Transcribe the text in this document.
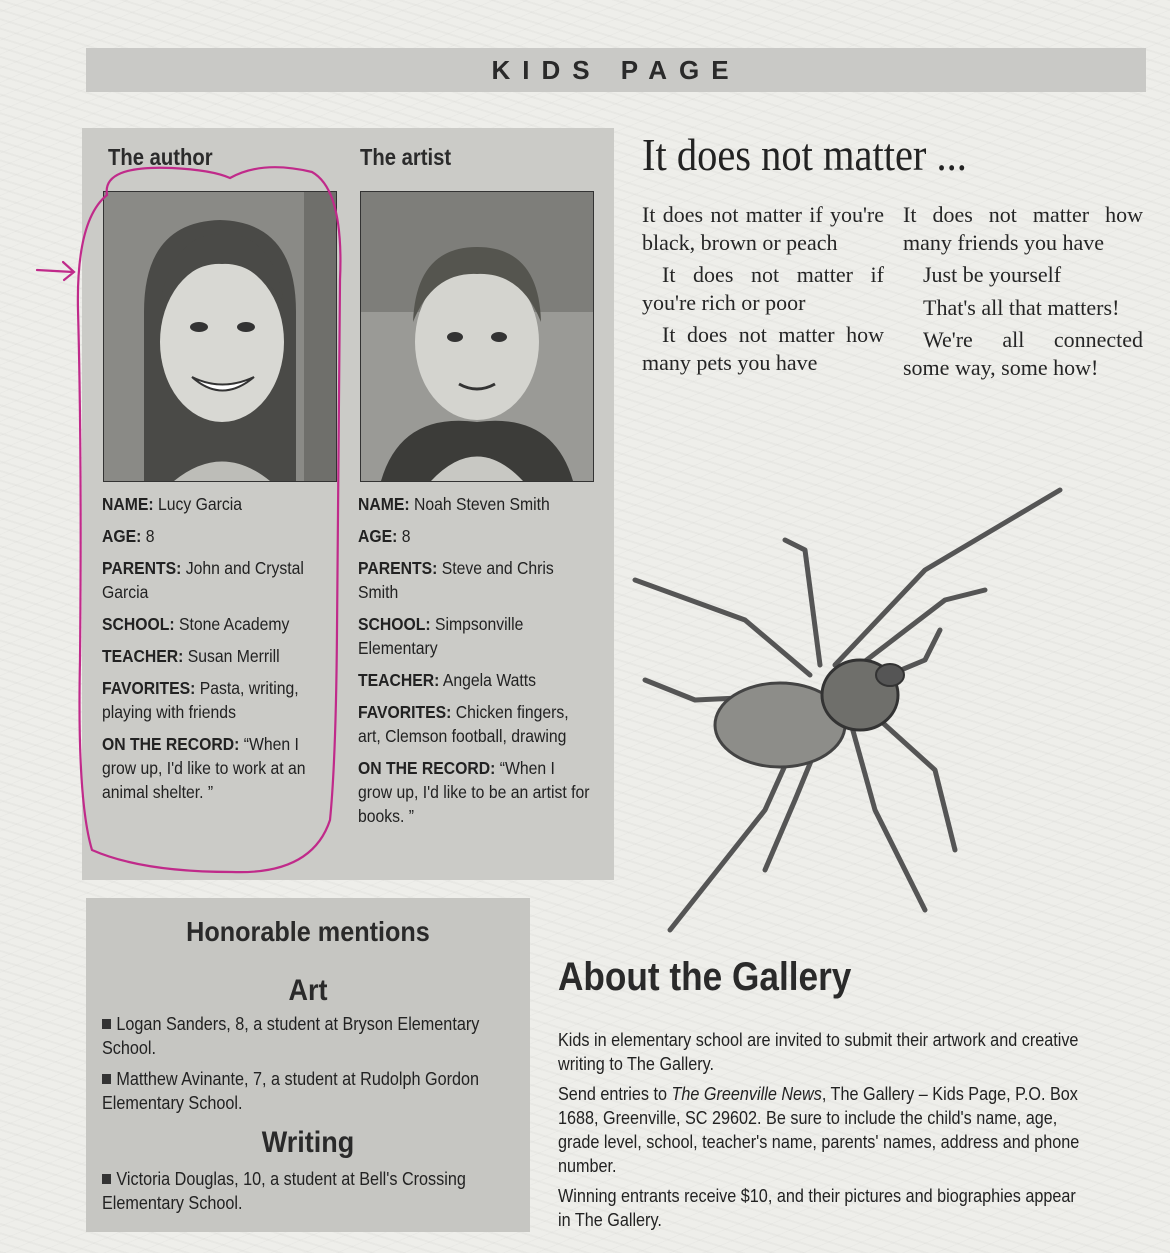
KIDS PAGE
The author	The artist

NAME: Lucy Garcia

AGE: 8

PARENTS: John and Crystal Garcia

SCHOOL: Stone Academy

TEACHER: Susan Merrill

FAVORITES: Pasta, writing, playing with friends

ON THE RECORD: “When I grow up, I'd like to work at an animal shelter. ”

NAME: Noah Steven Smith

AGE: 8

PARENTS: Steve and Chris Smith

SCHOOL: Simpsonville Elementary

TEACHER: Angela Watts

FAVORITES: Chicken fingers, art, Clemson football, drawing

ON THE RECORD: “When I grow up, I'd like to be an artist for books. ”

It does not matter ...

It does not matter if you're black, brown or peach

It does not matter if you're rich or poor

It does not matter how many pets you have

It does not matter how many friends you have

Just be yourself

That's all that matters!

We're all connected some way, some how!

Honorable mentions
Art
Logan Sanders, 8, a student at Bryson Elementary School.
Matthew Avinante, 7, a student at Rudolph Gordon Elementary School.
Writing
Victoria Douglas, 10, a student at Bell's Crossing Elementary School.
About the Gallery

Kids in elementary school are invited to submit their artwork and creative writing to The Gallery.

Send entries to The Greenville News, The Gallery – Kids Page, P.O. Box 1688, Greenville, SC 29602. Be sure to include the child's name, age, grade level, school, teacher's name, parents' names, address and phone number.

Winning entrants receive $10, and their pictures and biographies appear in The Gallery.
